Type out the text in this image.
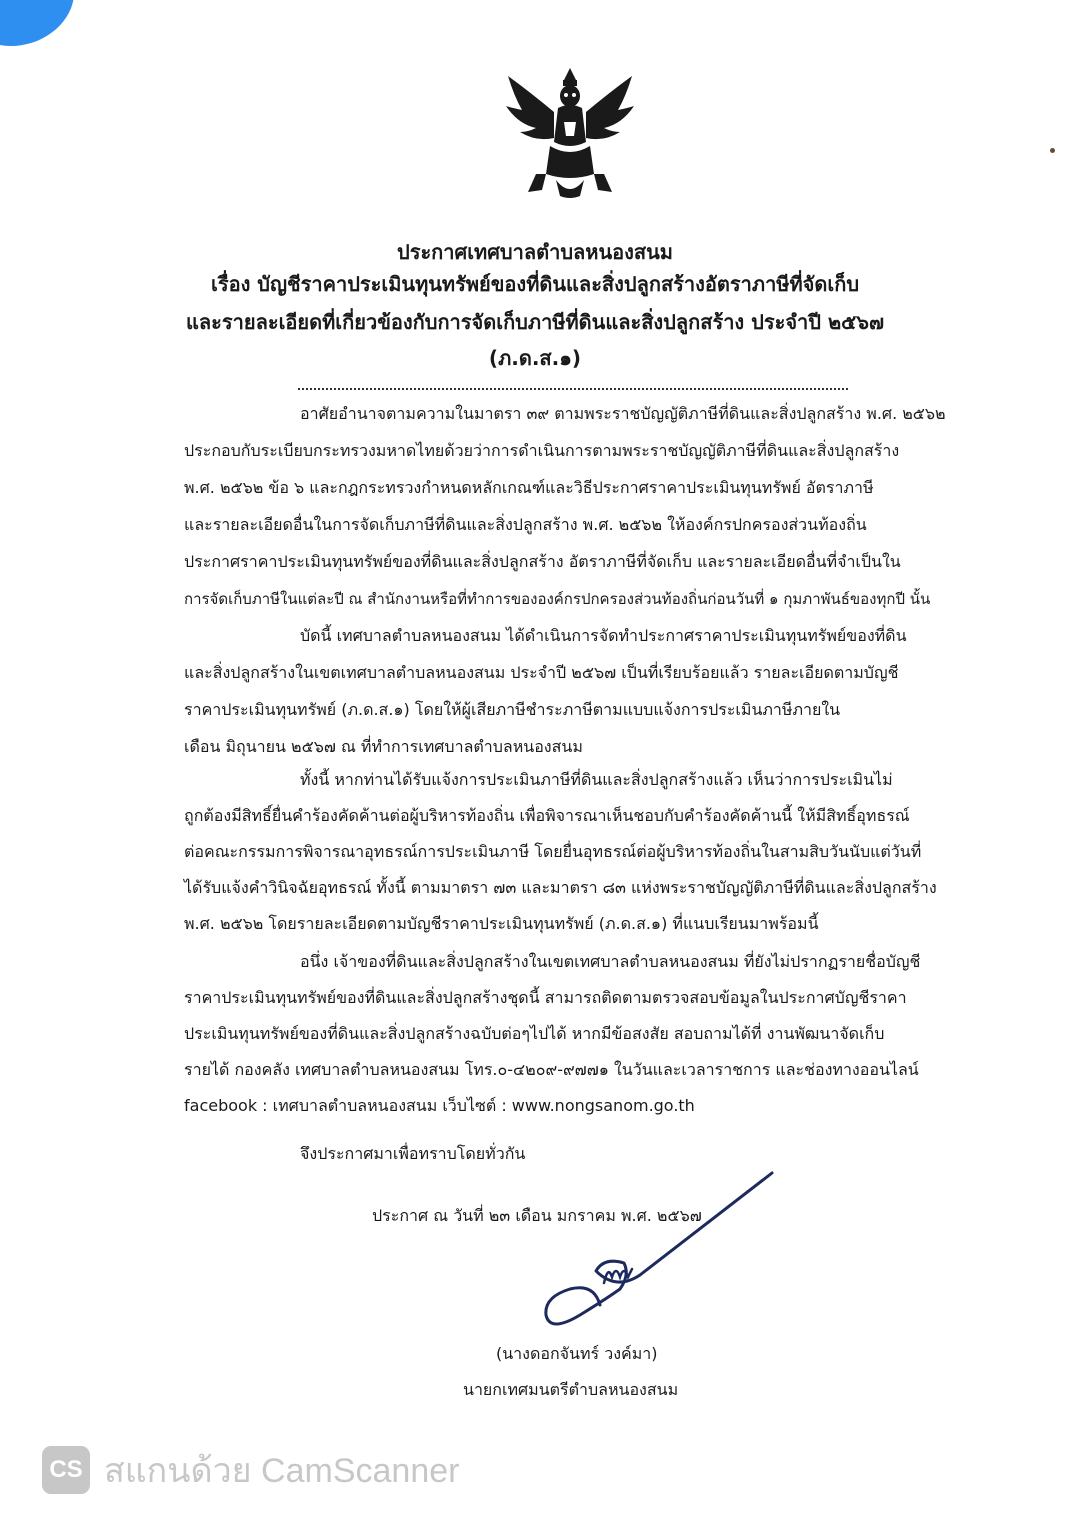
ประกาศเทศบาลตำบลหนองสนม
เรื่อง บัญชีราคาประเมินทุนทรัพย์ของที่ดินและสิ่งปลูกสร้างอัตราภาษีที่จัดเก็บ
และรายละเอียดที่เกี่ยวข้องกับการจัดเก็บภาษีที่ดินและสิ่งปลูกสร้าง ประจำปี ๒๕๖๗
(ภ.ด.ส.๑)
อาศัยอำนาจตามความในมาตรา ๓๙ ตามพระราชบัญญัติภาษีที่ดินและสิ่งปลูกสร้าง พ.ศ. ๒๕๖๒
ประกอบกับระเบียบกระทรวงมหาดไทยด้วยว่าการดำเนินการตามพระราชบัญญัติภาษีที่ดินและสิ่งปลูกสร้าง
พ.ศ. ๒๕๖๒ ข้อ ๖ และกฎกระทรวงกำหนดหลักเกณฑ์และวิธีประกาศราคาประเมินทุนทรัพย์ อัตราภาษี
และรายละเอียดอื่นในการจัดเก็บภาษีที่ดินและสิ่งปลูกสร้าง พ.ศ. ๒๕๖๒ ให้องค์กรปกครองส่วนท้องถิ่น
ประกาศราคาประเมินทุนทรัพย์ของที่ดินและสิ่งปลูกสร้าง อัตราภาษีที่จัดเก็บ และรายละเอียดอื่นที่จำเป็นใน
การจัดเก็บภาษีในแต่ละปี ณ สำนักงานหรือที่ทำการขององค์กรปกครองส่วนท้องถิ่นก่อนวันที่ ๑ กุมภาพันธ์ของทุกปี นั้น
บัดนี้ เทศบาลตำบลหนองสนม ได้ดำเนินการจัดทำประกาศราคาประเมินทุนทรัพย์ของที่ดิน
และสิ่งปลูกสร้างในเขตเทศบาลตำบลหนองสนม ประจำปี ๒๕๖๗ เป็นที่เรียบร้อยแล้ว รายละเอียดตามบัญชี
ราคาประเมินทุนทรัพย์ (ภ.ด.ส.๑) โดยให้ผู้เสียภาษีชำระภาษีตามแบบแจ้งการประเมินภาษีภายใน
เดือน มิถุนายน ๒๕๖๗ ณ ที่ทำการเทศบาลตำบลหนองสนม
ทั้งนี้ หากท่านได้รับแจ้งการประเมินภาษีที่ดินและสิ่งปลูกสร้างแล้ว เห็นว่าการประเมินไม่
ถูกต้องมีสิทธิ์ยื่นคำร้องคัดค้านต่อผู้บริหารท้องถิ่น เพื่อพิจารณาเห็นชอบกับคำร้องคัดค้านนี้ ให้มีสิทธิ์อุทธรณ์
ต่อคณะกรรมการพิจารณาอุทธรณ์การประเมินภาษี โดยยื่นอุทธรณ์ต่อผู้บริหารท้องถิ่นในสามสิบวันนับแต่วันที่
ได้รับแจ้งคำวินิจฉัยอุทธรณ์ ทั้งนี้ ตามมาตรา ๗๓ และมาตรา ๘๓ แห่งพระราชบัญญัติภาษีที่ดินและสิ่งปลูกสร้าง
พ.ศ. ๒๕๖๒ โดยรายละเอียดตามบัญชีราคาประเมินทุนทรัพย์ (ภ.ด.ส.๑) ที่แนบเรียนมาพร้อมนี้
อนึ่ง เจ้าของที่ดินและสิ่งปลูกสร้างในเขตเทศบาลตำบลหนองสนม ที่ยังไม่ปรากฏรายชื่อบัญชี
ราคาประเมินทุนทรัพย์ของที่ดินและสิ่งปลูกสร้างชุดนี้ สามารถติดตามตรวจสอบข้อมูลในประกาศบัญชีราคา
ประเมินทุนทรัพย์ของที่ดินและสิ่งปลูกสร้างฉบับต่อๆไปได้ หากมีข้อสงสัย สอบถามได้ที่ งานพัฒนาจัดเก็บ
รายได้ กองคลัง เทศบาลตำบลหนองสนม โทร.๐-๔๒๐๙-๙๗๗๑ ในวันและเวลาราชการ และช่องทางออนไลน์
facebook : เทศบาลตำบลหนองสนม เว็บไซต์ : www.nongsanom.go.th
จึงประกาศมาเพื่อทราบโดยทั่วกัน
ประกาศ ณ วันที่ ๒๓ เดือน มกราคม พ.ศ. ๒๕๖๗
(นางดอกจันทร์ วงค์มา)
นายกเทศมนตรีตำบลหนองสนม
CS สแกนด้วย CamScanner
